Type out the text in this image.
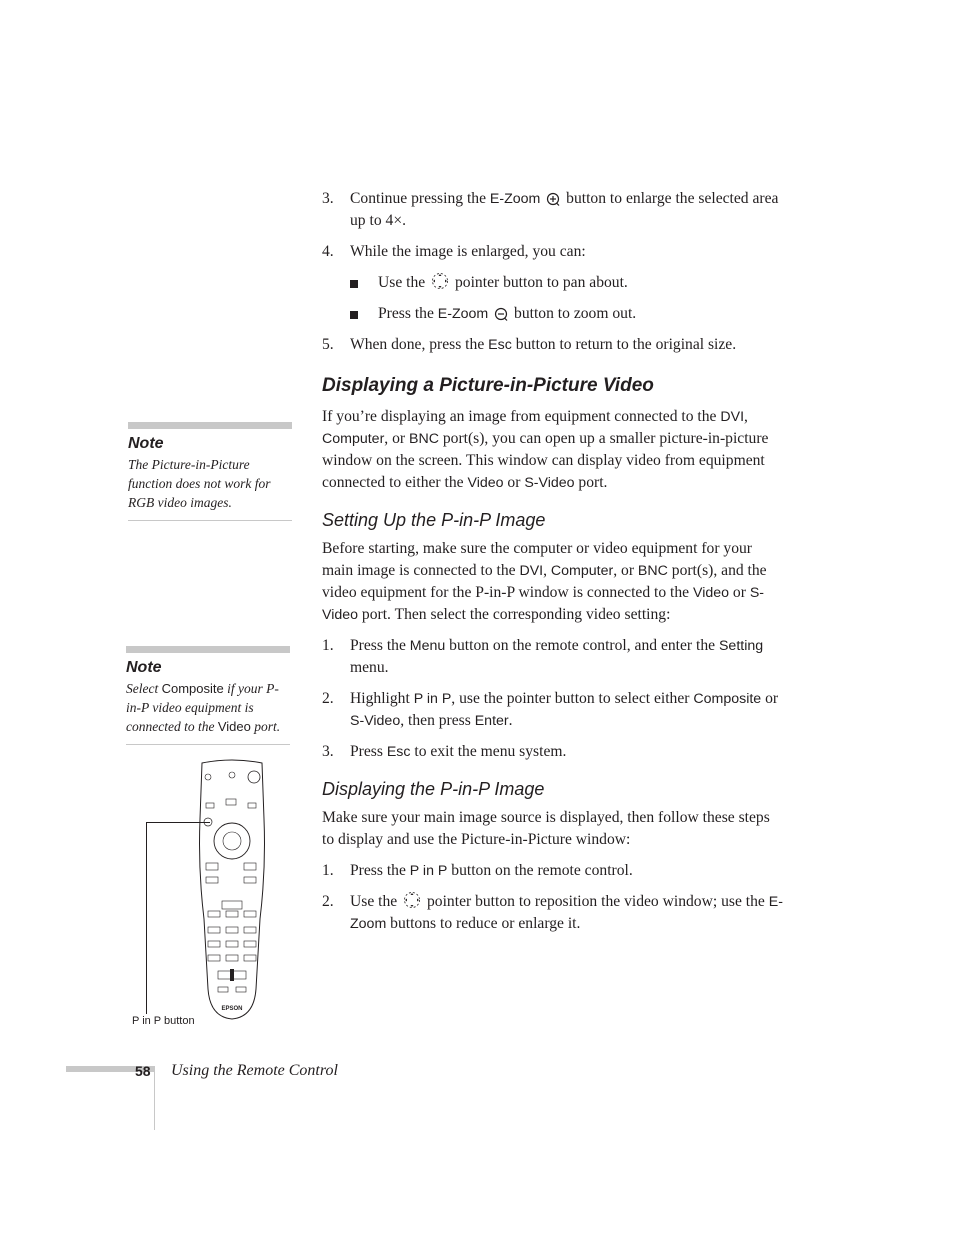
3. Continue pressing the E-Zoom  button to enlarge the selected area up to 4×.
4. While the image is enlarged, you can:
Use the  pointer button to pan about.
Press the E-Zoom  button to zoom out.
5. When done, press the Esc button to return to the original size.
Displaying a Picture-in-Picture Video

If you’re displaying an image from equipment connected to the DVI, Computer, or BNC port(s), you can open up a smaller picture-in-picture window on the screen. This window can display video from equipment connected to either the Video or S-Video port.

Setting Up the P-in-P Image

Before starting, make sure the computer or video equipment for your main image is connected to the DVI, Computer, or BNC port(s), and the video equipment for the P-in-P window is connected to the Video or S-Video port. Then select the corresponding video setting:

1. Press the Menu button on the remote control, and enter the Setting menu.
2. Highlight P in P, use the pointer button to select either Composite or S-Video, then press Enter.
3. Press Esc to exit the menu system.
Displaying the P-in-P Image

Make sure your main image source is displayed, then follow these steps to display and use the Picture-in-Picture window:

1. Press the P in P button on the remote control.
2. Use the  pointer button to reposition the video window; use the E-Zoom buttons to reduce or enlarge it.
Note
The Picture-in-Picture function does not work for RGB video images.
Note
Select Composite if your P-in-P video equipment is connected to the Video port.
EPSON
P in P button
58 Using the Remote Control
